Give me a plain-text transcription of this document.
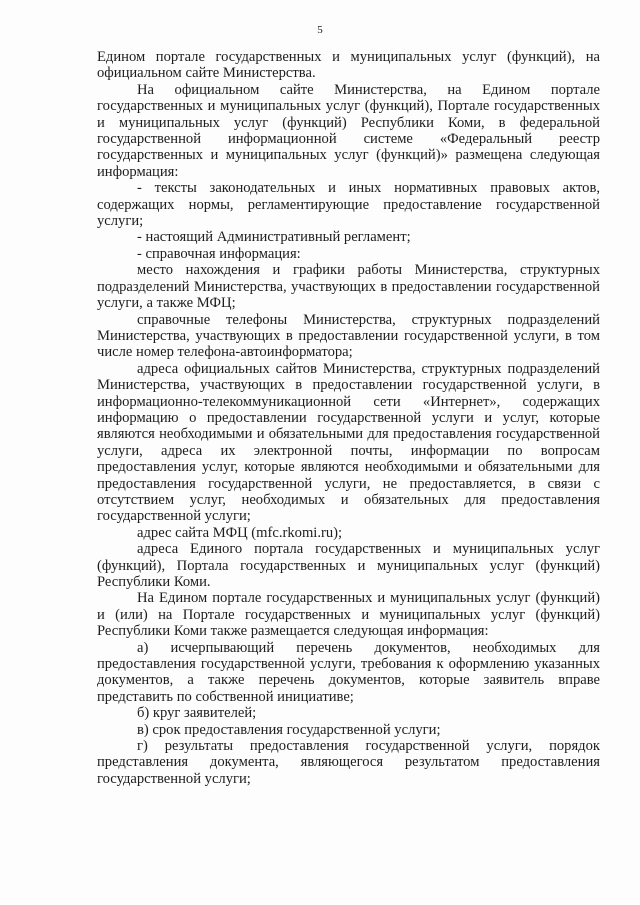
5

Едином портале государственных и муниципальных услуг (функций), на официальном сайте Министерства.

На официальном сайте Министерства, на Едином портале государственных и муниципальных услуг (функций), Портале государственных и муниципальных услуг (функций) Республики Коми, в федеральной государственной информационной системе «Федеральный реестр государственных и муниципальных услуг (функций)» размещена следующая информация:

- тексты законодательных и иных нормативных правовых актов, содержащих нормы, регламентирующие предоставление государственной услуги;

- настоящий Административный регламент;

- справочная информация:

место нахождения и графики работы Министерства, структурных подразделений Министерства, участвующих в предоставлении государственной услуги, а также МФЦ;

справочные телефоны Министерства, структурных подразделений Министерства, участвующих в предоставлении государственной услуги, в том числе номер телефона-автоинформатора;

адреса официальных сайтов Министерства, структурных подразделений Министерства, участвующих в предоставлении государственной услуги, в информационно-телекоммуникационной сети «Интернет», содержащих информацию о предоставлении государственной услуги и услуг, которые являются необходимыми и обязательными для предоставления государственной услуги, адреса их электронной почты, информации по вопросам предоставления услуг, которые являются необходимыми и обязательными для предоставления государственной услуги, не предоставляется, в связи с отсутствием услуг, необходимых и обязательных для предоставления государственной услуги;

адрес сайта МФЦ (mfc.rkomi.ru);

адреса Единого портала государственных и муниципальных услуг (функций), Портала государственных и муниципальных услуг (функций) Республики Коми.

На Едином портале государственных и муниципальных услуг (функций) и (или) на Портале государственных и муниципальных услуг (функций) Республики Коми также размещается следующая информация:

а) исчерпывающий перечень документов, необходимых для предоставления государственной услуги, требования к оформлению указанных документов, а также перечень документов, которые заявитель вправе представить по собственной инициативе;

б) круг заявителей;

в) срок предоставления государственной услуги;

г) результаты предоставления государственной услуги, порядок представления документа, являющегося результатом предоставления государственной услуги;
